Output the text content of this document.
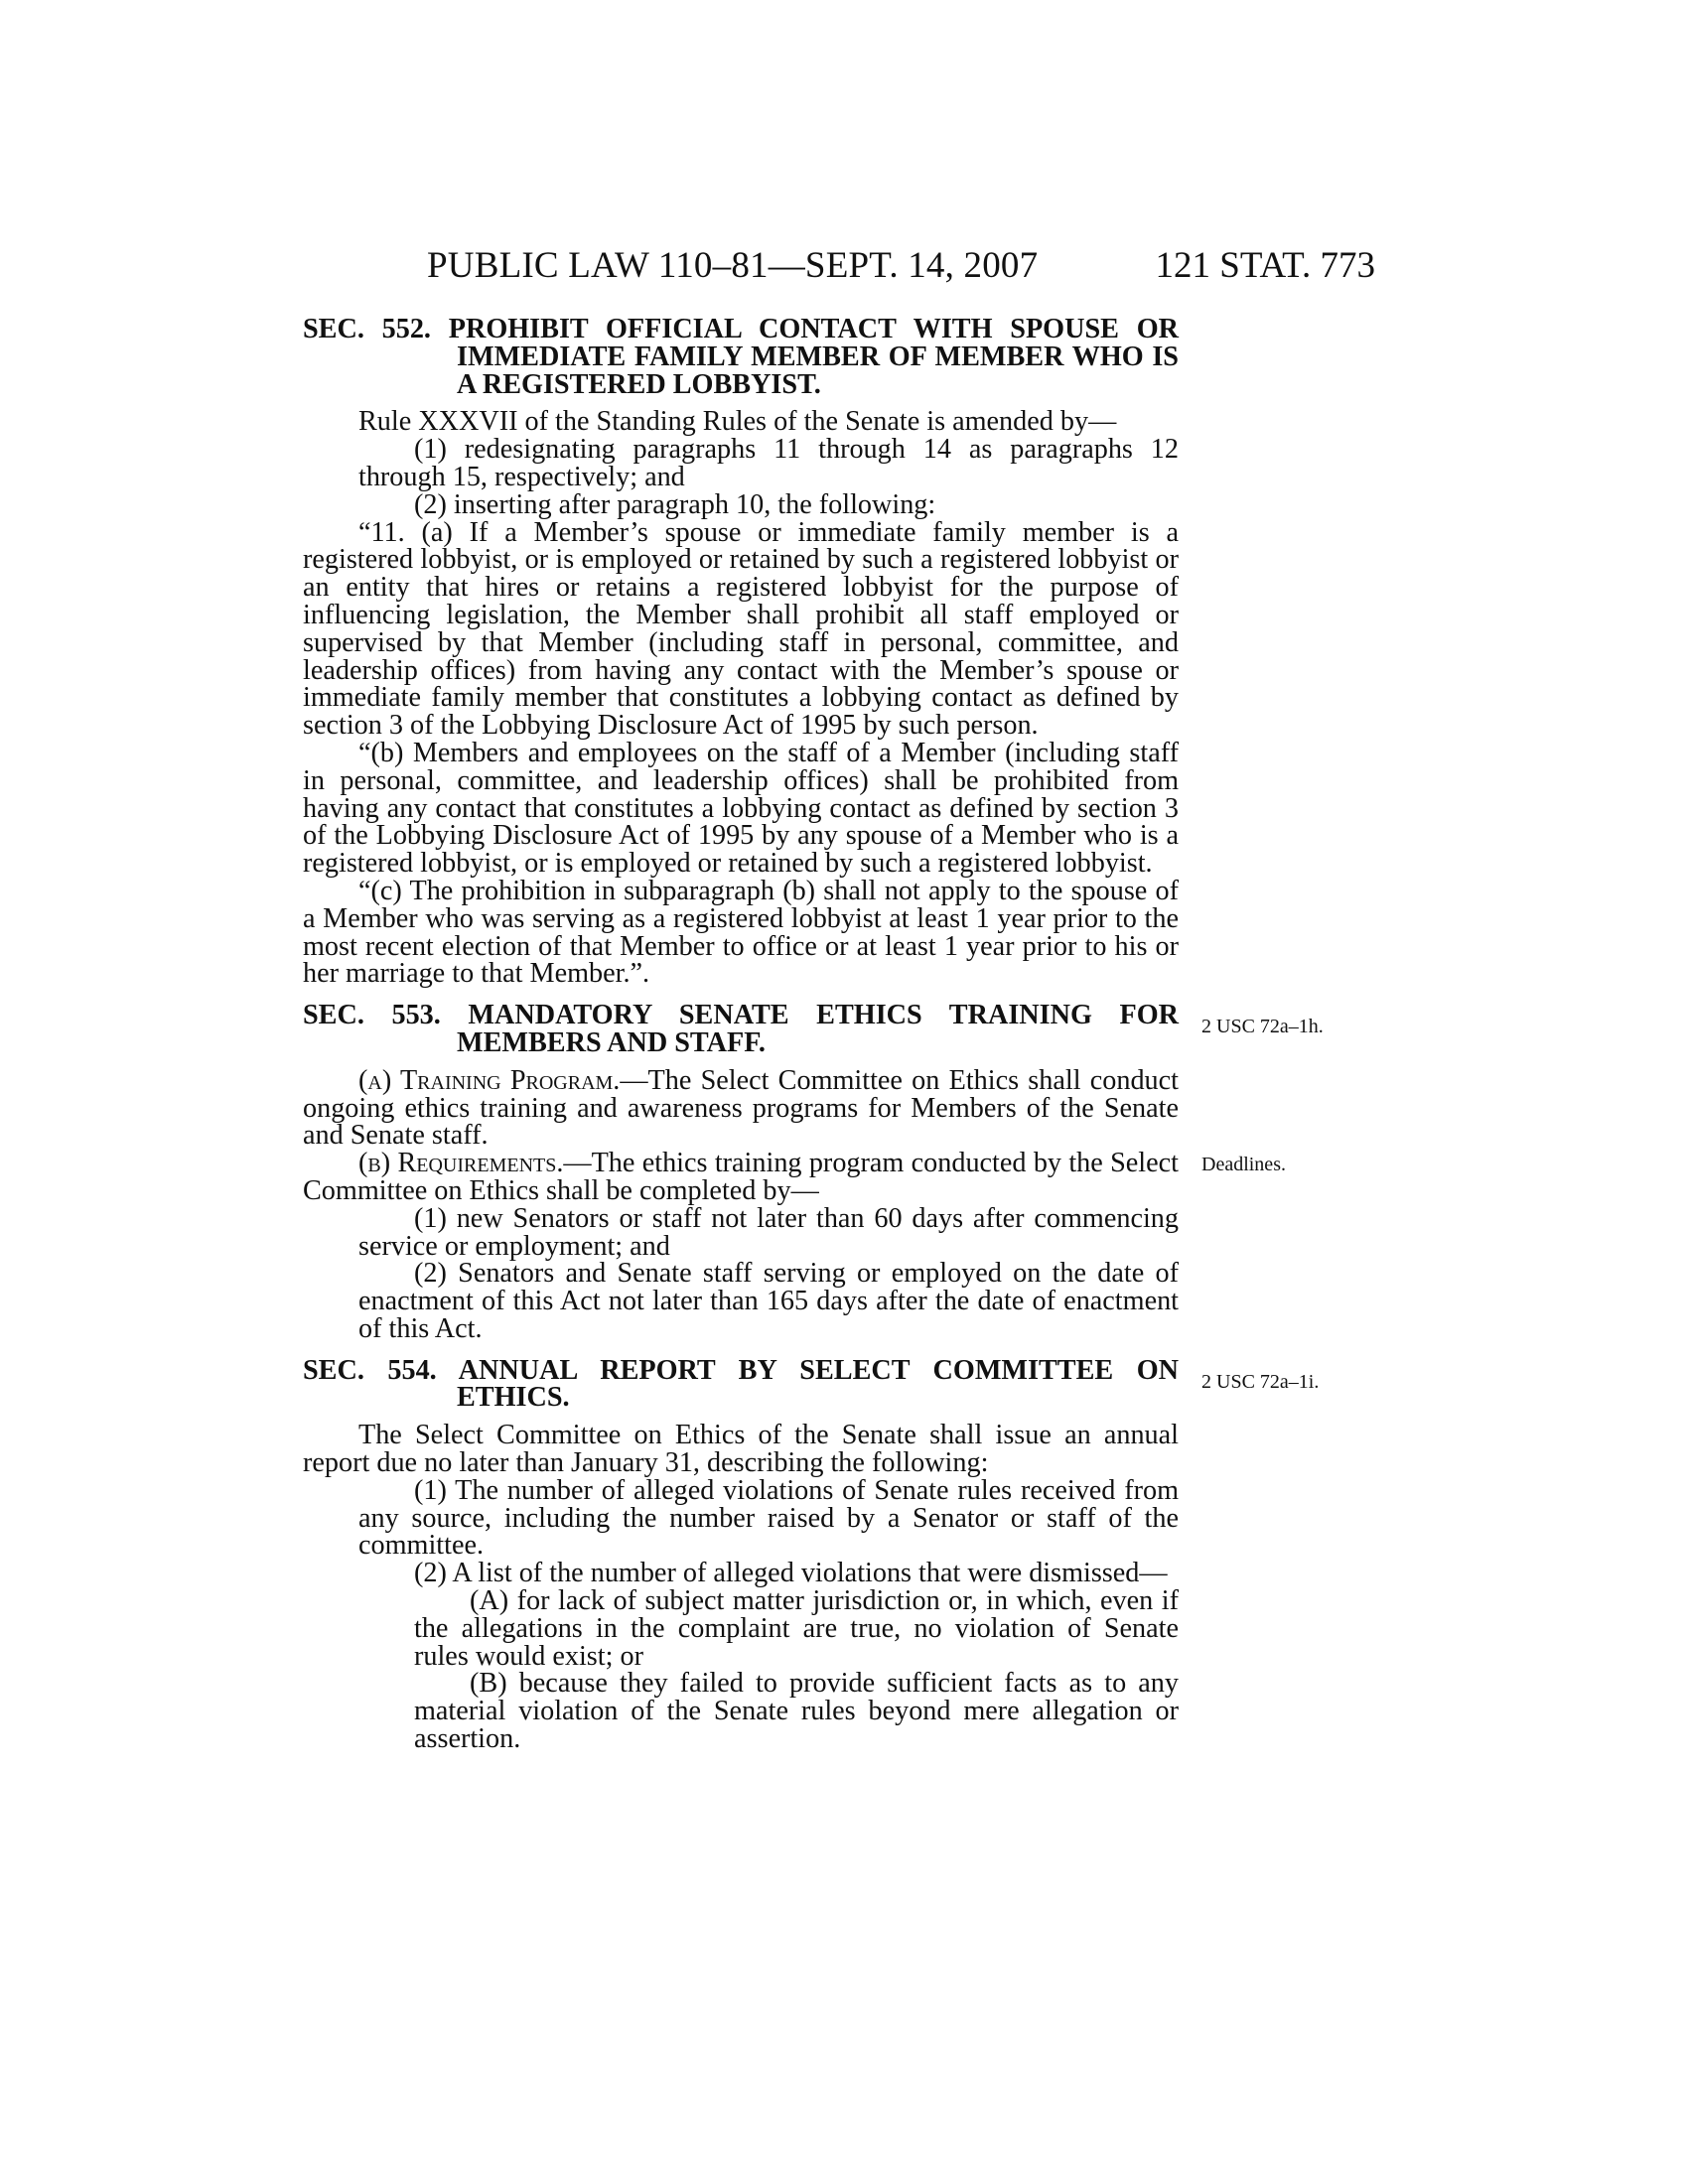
PUBLIC LAW 110–81—SEPT. 14, 2007	121 STAT. 773

SEC. 552. PROHIBIT OFFICIAL CONTACT WITH SPOUSE OR IMMEDIATE FAMILY MEMBER OF MEMBER WHO IS A REGISTERED LOBBYIST.

Rule XXXVII of the Standing Rules of the Senate is amended by—

(1) redesignating paragraphs 11 through 14 as paragraphs 12 through 15, respectively; and

(2) inserting after paragraph 10, the following:

“11. (a) If a Member’s spouse or immediate family member is a registered lobbyist, or is employed or retained by such a registered lobbyist or an entity that hires or retains a registered lobbyist for the purpose of influencing legislation, the Member shall prohibit all staff employed or supervised by that Member (including staff in personal, committee, and leadership offices) from having any contact with the Member’s spouse or immediate family member that constitutes a lobbying contact as defined by section 3 of the Lobbying Disclosure Act of 1995 by such person.

“(b) Members and employees on the staff of a Member (including staff in personal, committee, and leadership offices) shall be prohibited from having any contact that constitutes a lobbying contact as defined by section 3 of the Lobbying Disclosure Act of 1995 by any spouse of a Member who is a registered lobbyist, or is employed or retained by such a registered lobbyist.

“(c) The prohibition in subparagraph (b) shall not apply to the spouse of a Member who was serving as a registered lobbyist at least 1 year prior to the most recent election of that Member to office or at least 1 year prior to his or her marriage to that Member.”.

SEC. 553. MANDATORY SENATE ETHICS TRAINING FOR MEMBERS AND STAFF.

2 USC 72a–1h.

(a) Training Program.—The Select Committee on Ethics shall conduct ongoing ethics training and awareness programs for Members of the Senate and Senate staff.

(b) Requirements.—The ethics training program conducted by the Select Committee on Ethics shall be completed by—

Deadlines.

(1) new Senators or staff not later than 60 days after commencing service or employment; and

(2) Senators and Senate staff serving or employed on the date of enactment of this Act not later than 165 days after the date of enactment of this Act.

SEC. 554. ANNUAL REPORT BY SELECT COMMITTEE ON ETHICS.

2 USC 72a–1i.

The Select Committee on Ethics of the Senate shall issue an annual report due no later than January 31, describing the following:

(1) The number of alleged violations of Senate rules received from any source, including the number raised by a Senator or staff of the committee.

(2) A list of the number of alleged violations that were dismissed—

(A) for lack of subject matter jurisdiction or, in which, even if the allegations in the complaint are true, no violation of Senate rules would exist; or

(B) because they failed to provide sufficient facts as to any material violation of the Senate rules beyond mere allegation or assertion.
